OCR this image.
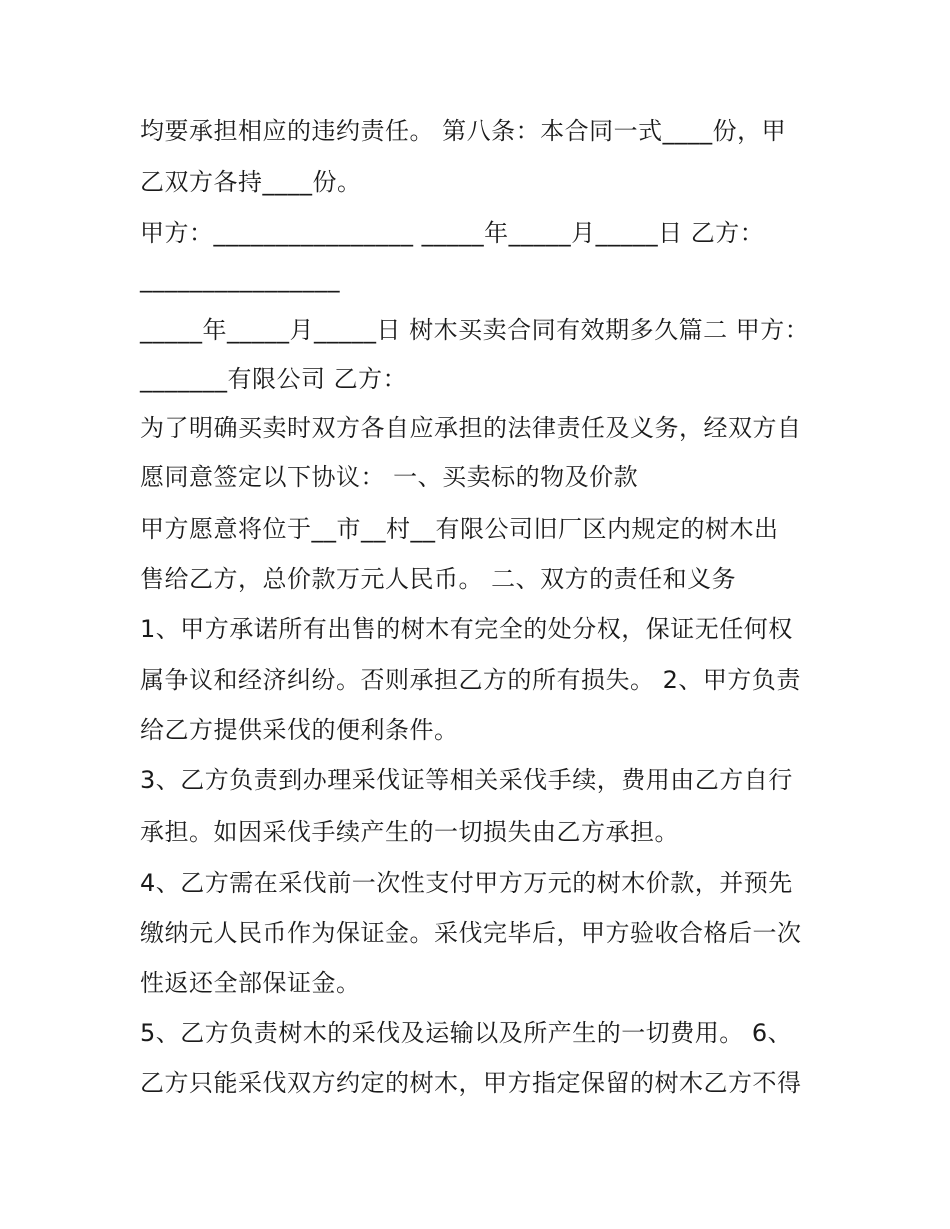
均要承担相应的违约责任。 第八条：本合同一式____份，甲
乙双方各持____份。
甲方：________________ _____年_____月_____日 乙方：
________________
_____年_____月_____日 树木买卖合同有效期多久篇二 甲方：
_______有限公司 乙方：
为了明确买卖时双方各自应承担的法律责任及义务，经双方自
愿同意签定以下协议： 一、买卖标的物及价款
甲方愿意将位于__市__村__有限公司旧厂区内规定的树木出
售给乙方，总价款万元人民币。 二、双方的责任和义务
1、甲方承诺所有出售的树木有完全的处分权，保证无任何权
属争议和经济纠纷。否则承担乙方的所有损失。 2、甲方负责
给乙方提供采伐的便利条件。
3、乙方负责到办理采伐证等相关采伐手续，费用由乙方自行
承担。如因采伐手续产生的一切损失由乙方承担。
4、乙方需在采伐前一次性支付甲方万元的树木价款，并预先
缴纳元人民币作为保证金。采伐完毕后，甲方验收合格后一次
性返还全部保证金。
5、乙方负责树木的采伐及运输以及所产生的一切费用。 6、
乙方只能采伐双方约定的树木，甲方指定保留的树木乙方不得
